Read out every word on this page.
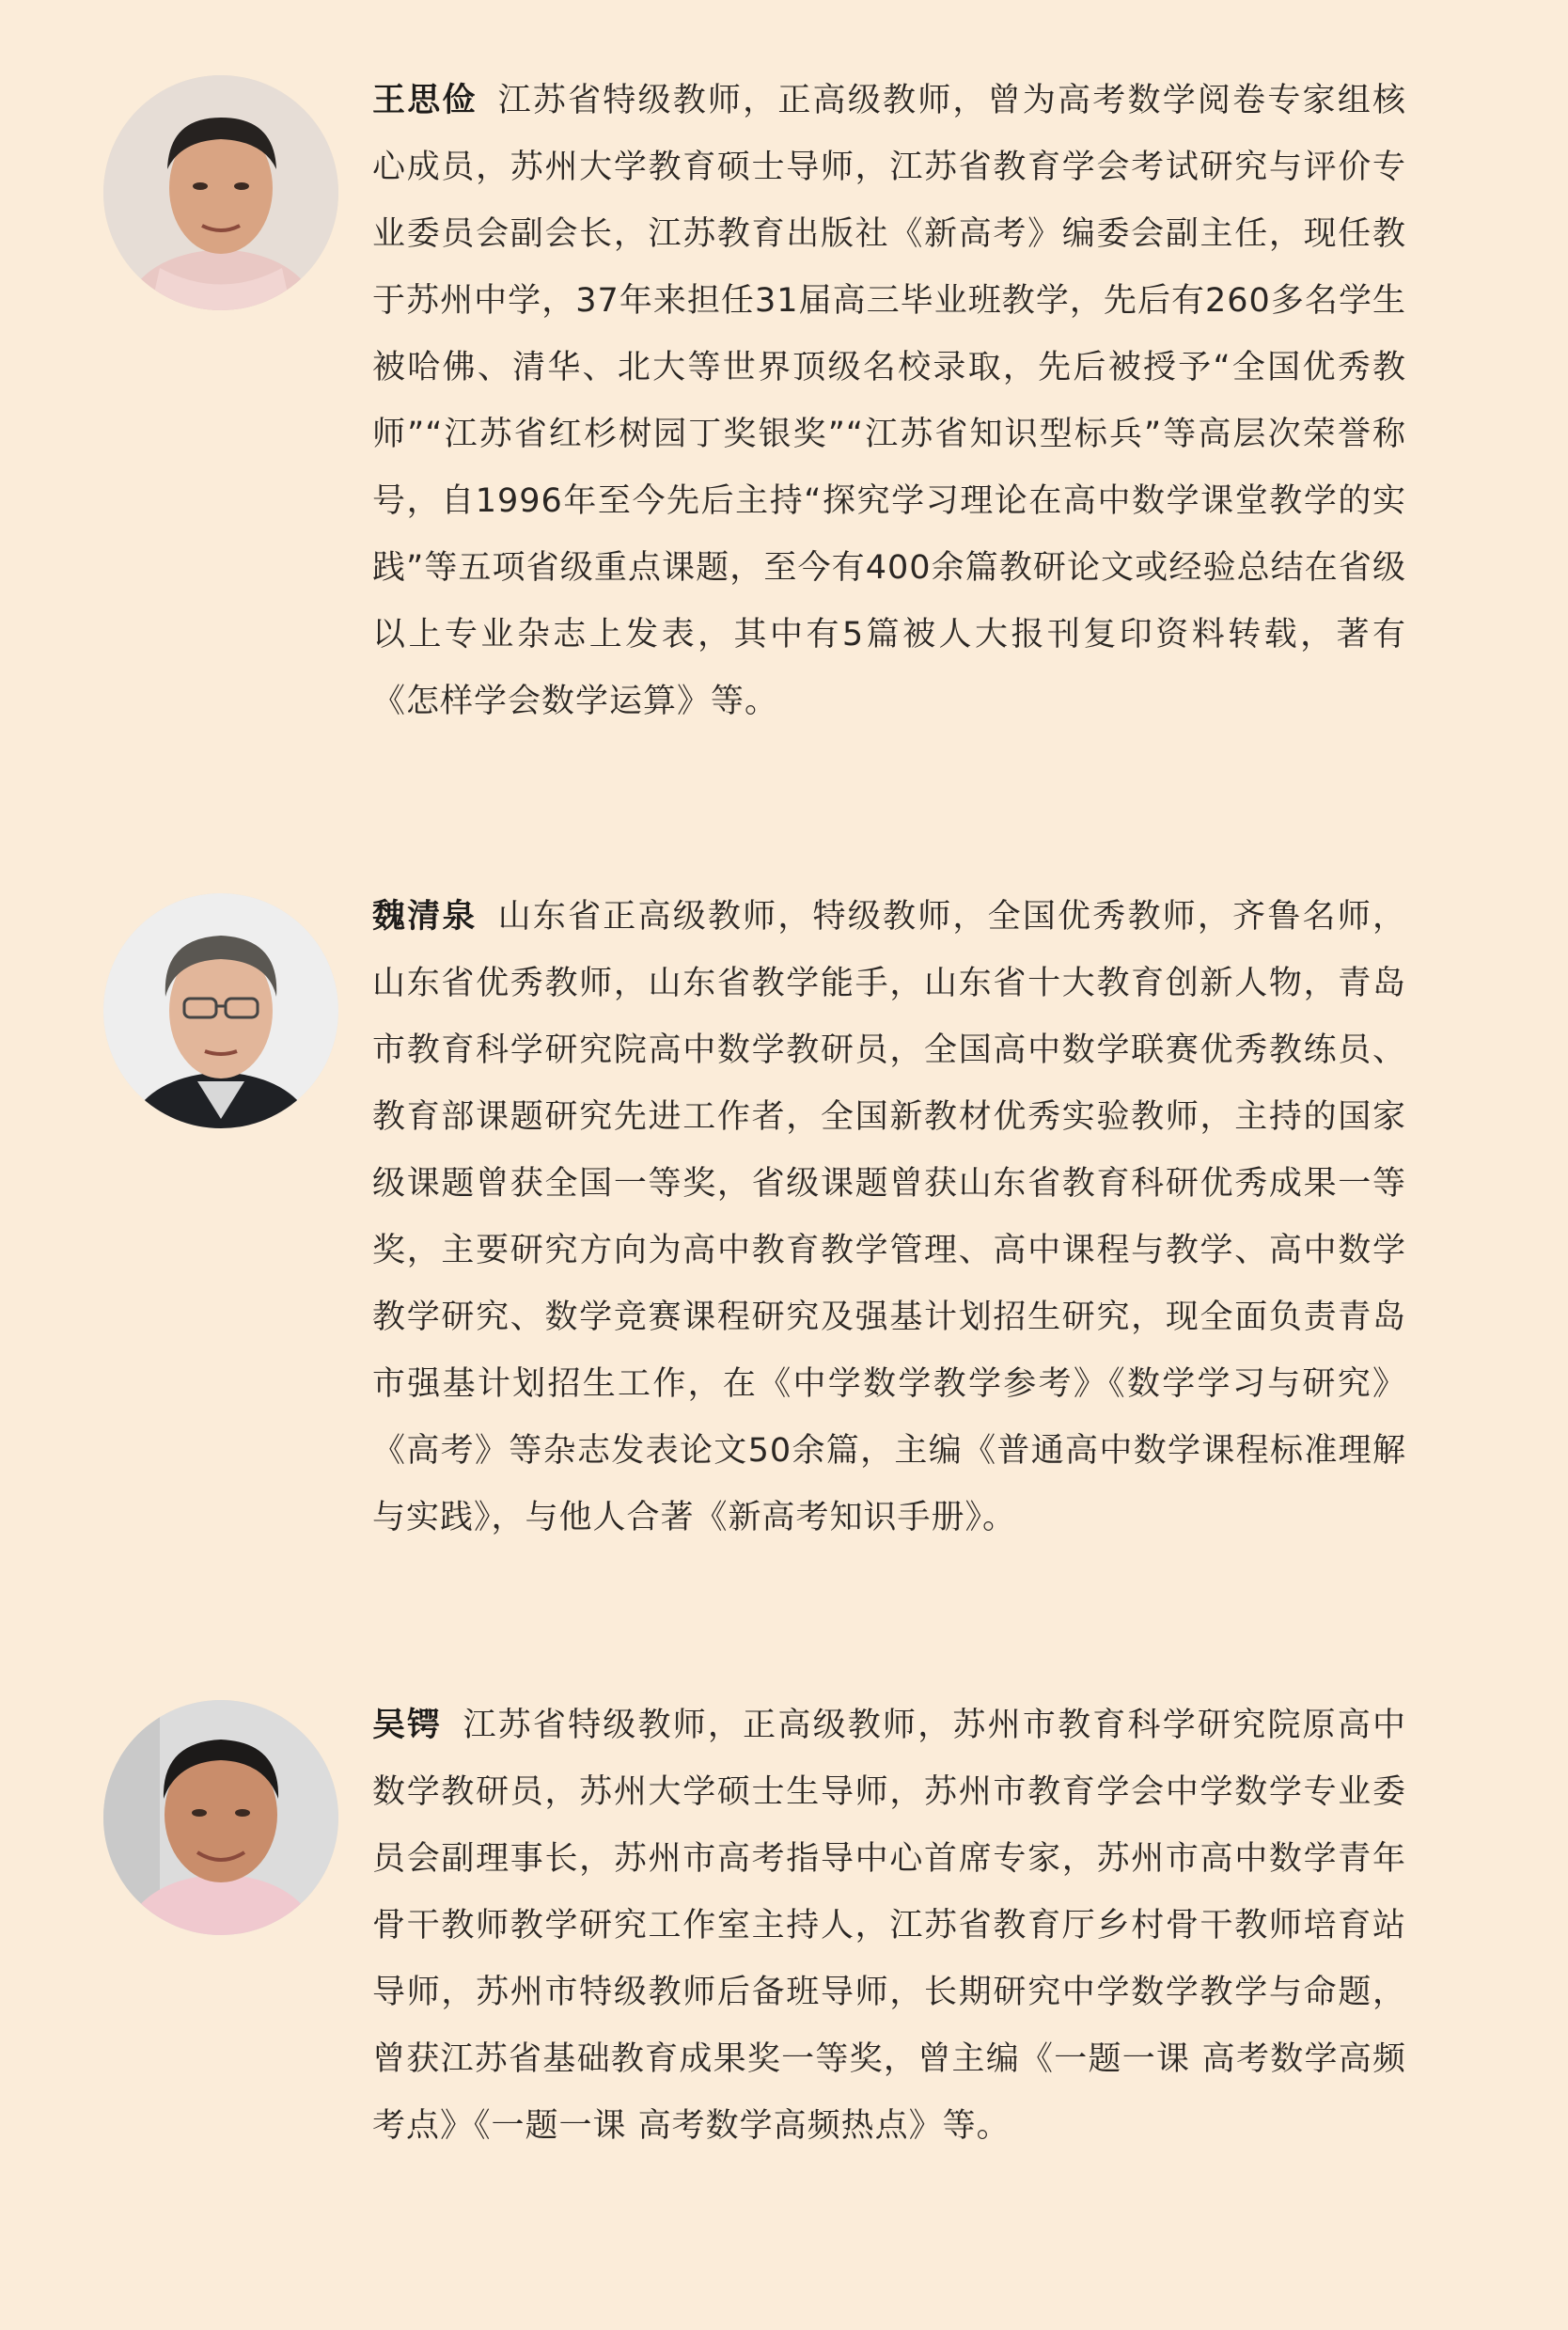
王思俭 江苏省特级教师，正高级教师，曾为高考数学阅卷专家组核心成员，苏州大学教育硕士导师，江苏省教育学会考试研究与评价专业委员会副会长，江苏教育出版社《新高考》编委会副主任，现任教于苏州中学，37年来担任31届高三毕业班教学，先后有260多名学生被哈佛、清华、北大等世界顶级名校录取，先后被授予“全国优秀教师”“江苏省红杉树园丁奖银奖”“江苏省知识型标兵”等高层次荣誉称号，自1996年至今先后主持“探究学习理论在高中数学课堂教学的实践”等五项省级重点课题，至今有400余篇教研论文或经验总结在省级以上专业杂志上发表，其中有5篇被人大报刊复印资料转载，著有《怎样学会数学运算》等。

魏清泉 山东省正高级教师，特级教师，全国优秀教师，齐鲁名师，山东省优秀教师，山东省教学能手，山东省十大教育创新人物，青岛市教育科学研究院高中数学教研员，全国高中数学联赛优秀教练员、教育部课题研究先进工作者，全国新教材优秀实验教师，主持的国家级课题曾获全国一等奖，省级课题曾获山东省教育科研优秀成果一等奖，主要研究方向为高中教育教学管理、高中课程与教学、高中数学教学研究、数学竞赛课程研究及强基计划招生研究，现全面负责青岛市强基计划招生工作，在《中学数学教学参考》《数学学习与研究》《高考》等杂志发表论文50余篇，主编《普通高中数学课程标准理解与实践》，与他人合著《新高考知识手册》。

吴锷 江苏省特级教师，正高级教师，苏州市教育科学研究院原高中数学教研员，苏州大学硕士生导师，苏州市教育学会中学数学专业委员会副理事长，苏州市高考指导中心首席专家，苏州市高中数学青年骨干教师教学研究工作室主持人，江苏省教育厅乡村骨干教师培育站导师，苏州市特级教师后备班导师，长期研究中学数学教学与命题，曾获江苏省基础教育成果奖一等奖，曾主编《一题一课 高考数学高频考点》《一题一课 高考数学高频热点》等。
